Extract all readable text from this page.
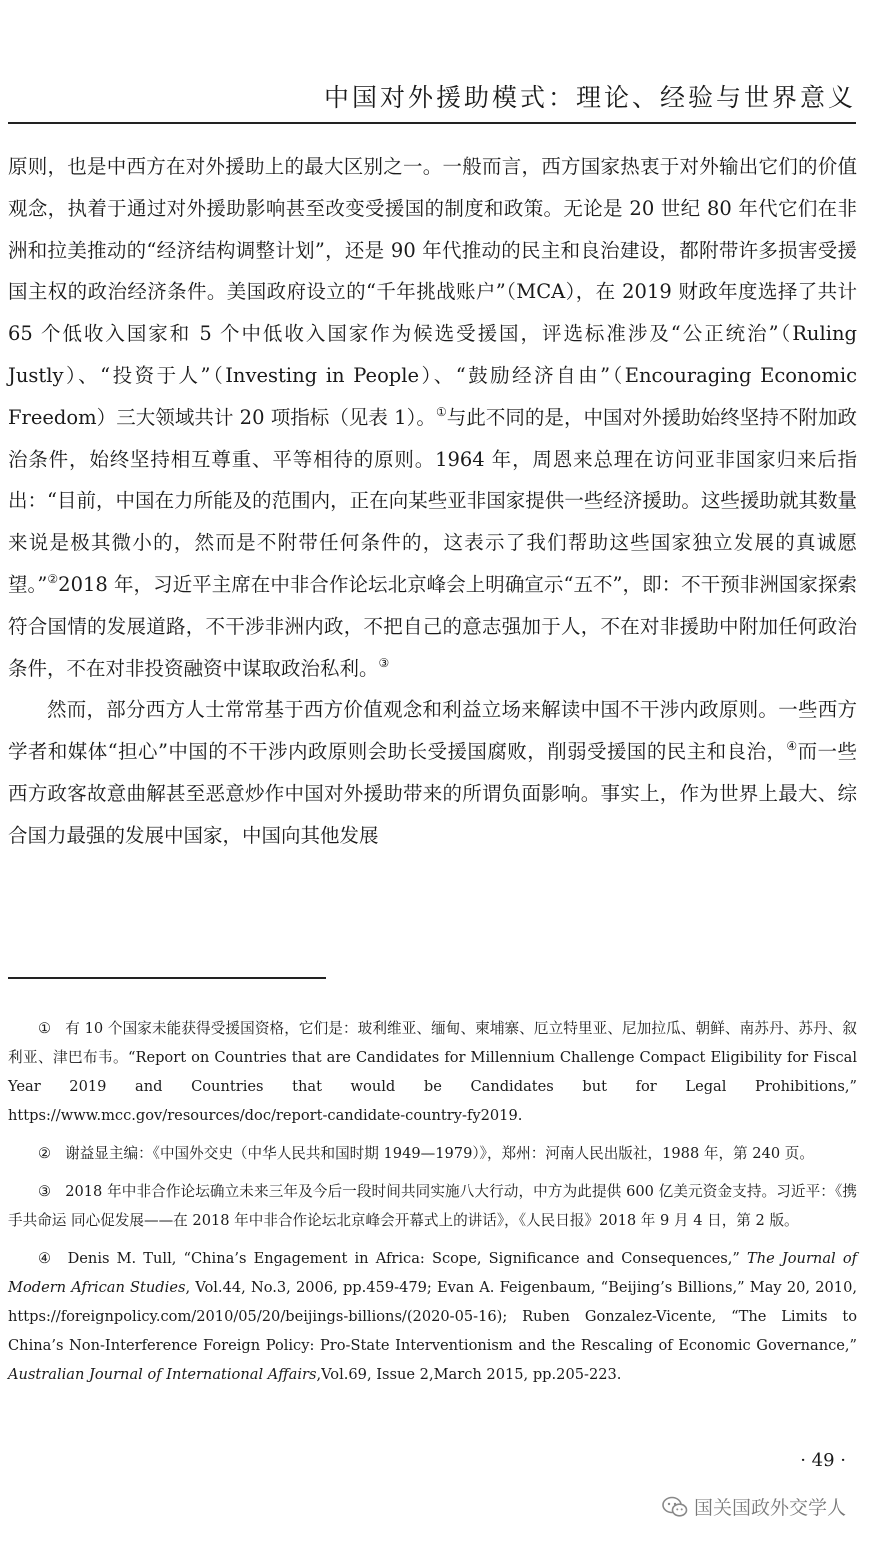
中国对外援助模式：理论、经验与世界意义

原则，也是中西方在对外援助上的最大区别之一。一般而言，西方国家热衷于对外输出它们的价值观念，执着于通过对外援助影响甚至改变受援国的制度和政策。无论是 20 世纪 80 年代它们在非洲和拉美推动的“经济结构调整计划”，还是 90 年代推动的民主和良治建设，都附带许多损害受援国主权的政治经济条件。美国政府设立的“千年挑战账户”（MCA），在 2019 财政年度选择了共计 65 个低收入国家和 5 个中低收入国家作为候选受援国，评选标准涉及“公正统治”（Ruling Justly）、“投资于人”（Investing in People）、“鼓励经济自由”（Encouraging Economic Freedom）三大领域共计 20 项指标（见表 1）。①与此不同的是，中国对外援助始终坚持不附加政治条件，始终坚持相互尊重、平等相待的原则。1964 年，周恩来总理在访问亚非国家归来后指出：“目前，中国在力所能及的范围内，正在向某些亚非国家提供一些经济援助。这些援助就其数量来说是极其微小的，然而是不附带任何条件的，这表示了我们帮助这些国家独立发展的真诚愿望。”②2018 年，习近平主席在中非合作论坛北京峰会上明确宣示“五不”，即：不干预非洲国家探索符合国情的发展道路，不干涉非洲内政，不把自己的意志强加于人，不在对非援助中附加任何政治条件，不在对非投资融资中谋取政治私利。③

然而，部分西方人士常常基于西方价值观念和利益立场来解读中国不干涉内政原则。一些西方学者和媒体“担心”中国的不干涉内政原则会助长受援国腐败，削弱受援国的民主和良治，④而一些西方政客故意曲解甚至恶意炒作中国对外援助带来的所谓负面影响。事实上，作为世界上最大、综合国力最强的发展中国家，中国向其他发展

① 有 10 个国家未能获得受援国资格，它们是：玻利维亚、缅甸、柬埔寨、厄立特里亚、尼加拉瓜、朝鲜、南苏丹、苏丹、叙利亚、津巴布韦。“Report on Countries that are Candidates for Millennium Challenge Compact Eligibility for Fiscal Year 2019 and Countries that would be Candidates but for Legal Prohibitions,” https://www.mcc.gov/resources/doc/report-candidate-country-fy2019.

② 谢益显主编：《中国外交史（中华人民共和国时期 1949—1979）》，郑州：河南人民出版社，1988 年，第 240 页。

③ 2018 年中非合作论坛确立未来三年及今后一段时间共同实施八大行动，中方为此提供 600 亿美元资金支持。习近平：《携手共命运 同心促发展——在 2018 年中非合作论坛北京峰会开幕式上的讲话》，《人民日报》2018 年 9 月 4 日，第 2 版。

④ Denis M. Tull, “China’s Engagement in Africa: Scope, Significance and Consequences,” The Journal of Modern African Studies, Vol.44, No.3, 2006, pp.459-479; Evan A. Feigenbaum, “Beijing’s Billions,” May 20, 2010, https://foreignpolicy.com/2010/05/20/beijings-billions/(2020-05-16); Ruben Gonzalez-Vicente, “The Limits to China’s Non-Interference Foreign Policy: Pro-State Interventionism and the Rescaling of Economic Governance,” Australian Journal of International Affairs,Vol.69, Issue 2,March 2015, pp.205-223.

· 49 ·
国关国政外交学人
